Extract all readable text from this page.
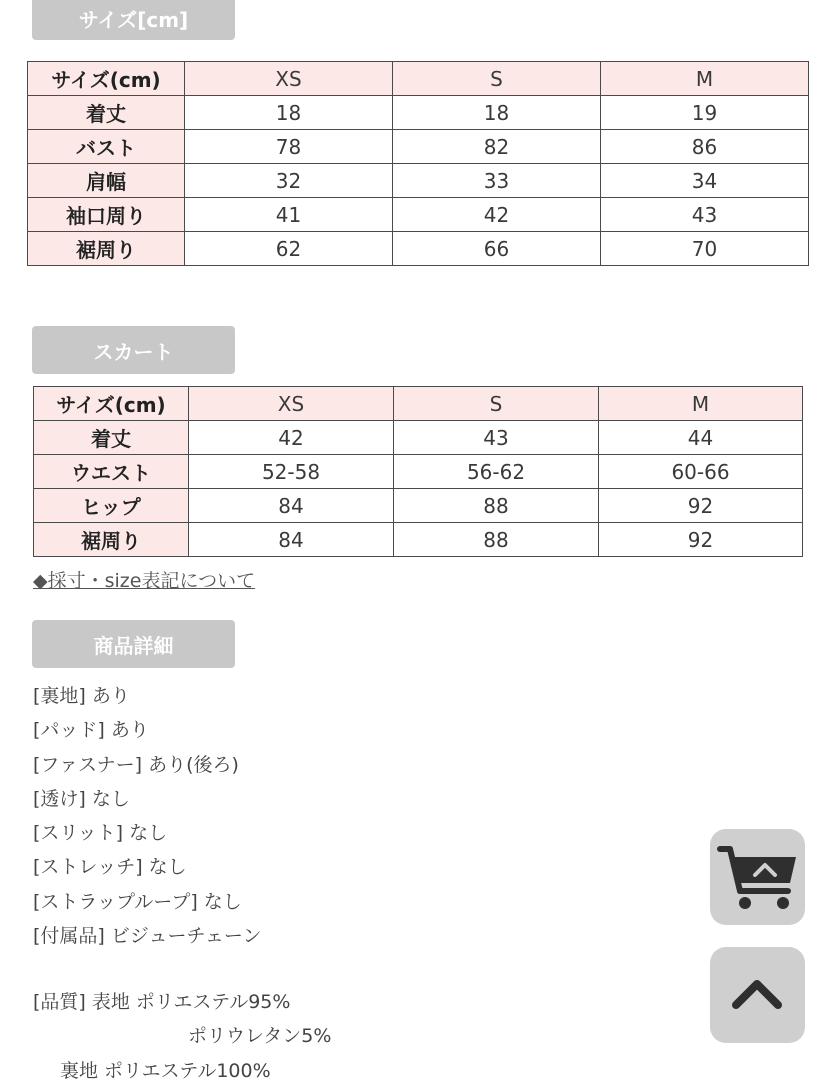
サイズ[cm]
サイズ(cm)	XS	S	M
着丈	18	18	19
バスト	78	82	86
肩幅	32	33	34
袖口周り	41	42	43
裾周り	62	66	70
スカート
サイズ(cm)	XS	S	M
着丈	42	43	44
ウエスト	52-58	56-62	60-66
ヒップ	84	88	92
裾周り	84	88	92
◆採寸・size表記について
商品詳細
[裏地] あり
[パッド] あり
[ファスナー] あり(後ろ)
[透け] なし
[スリット] なし
[ストレッチ] なし
[ストラップループ] なし
[付属品] ビジューチェーン
[品質] 表地 ポリエステル95%
ポリウレタン5%
裏地 ポリエステル100%
